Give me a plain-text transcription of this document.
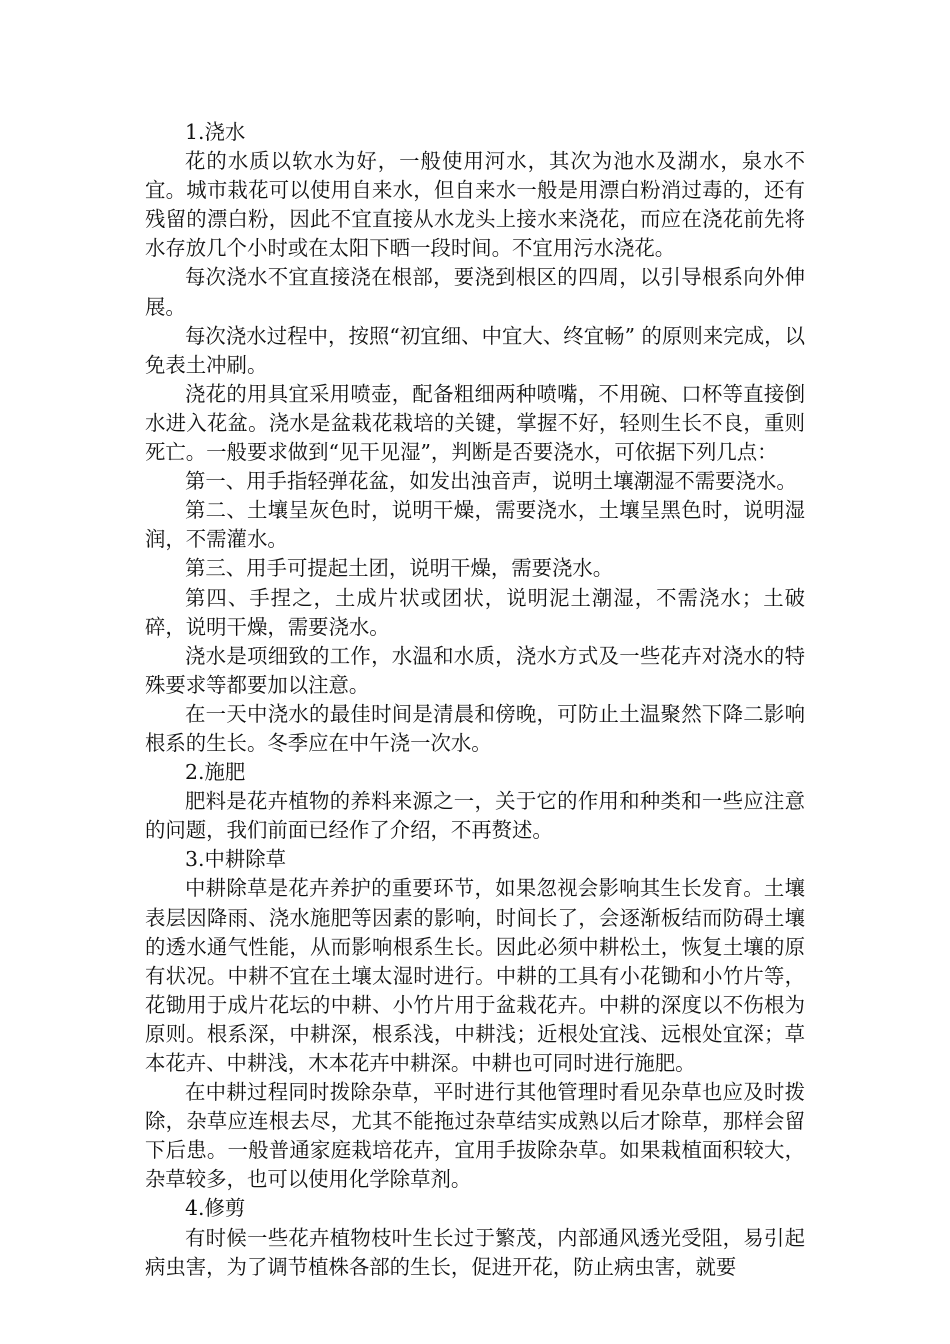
1.浇水

花的水质以软水为好，一般使用河水，其次为池水及湖水，泉水不宜。城市栽花可以使用自来水，但自来水一般是用漂白粉消过毒的，还有残留的漂白粉，因此不宜直接从水龙头上接水来浇花，而应在浇花前先将水存放几个小时或在太阳下晒一段时间。不宜用污水浇花。

每次浇水不宜直接浇在根部，要浇到根区的四周，以引导根系向外伸展。

每次浇水过程中，按照“初宜细、中宜大、终宜畅” 的原则来完成，以免表土冲刷。

浇花的用具宜采用喷壶，配备粗细两种喷嘴，不用碗、口杯等直接倒水进入花盆。浇水是盆栽花栽培的关键，掌握不好，轻则生长不良，重则死亡。一般要求做到“见干见湿”，判断是否要浇水，可依据下列几点：

第一、用手指轻弹花盆，如发出浊音声，说明土壤潮湿不需要浇水。

第二、土壤呈灰色时，说明干燥，需要浇水，土壤呈黑色时，说明湿润，不需灌水。

第三、用手可提起土团，说明干燥，需要浇水。

第四、手捏之，土成片状或团状，说明泥土潮湿，不需浇水；土破碎，说明干燥，需要浇水。

浇水是项细致的工作，水温和水质，浇水方式及一些花卉对浇水的特殊要求等都要加以注意。

在一天中浇水的最佳时间是清晨和傍晚，可防止土温聚然下降二影响根系的生长。冬季应在中午浇一次水。

2.施肥

肥料是花卉植物的养料来源之一，关于它的作用和种类和一些应注意的问题，我们前面已经作了介绍，不再赘述。

3.中耕除草

中耕除草是花卉养护的重要环节，如果忽视会影响其生长发育。土壤表层因降雨、浇水施肥等因素的影响，时间长了，会逐渐板结而防碍土壤的透水通气性能，从而影响根系生长。因此必须中耕松土，恢复土壤的原有状况。中耕不宜在土壤太湿时进行。中耕的工具有小花锄和小竹片等，花锄用于成片花坛的中耕、小竹片用于盆栽花卉。中耕的深度以不伤根为原则。根系深，中耕深，根系浅，中耕浅；近根处宜浅、远根处宜深；草本花卉、中耕浅，木本花卉中耕深。中耕也可同时进行施肥。

在中耕过程同时拨除杂草，平时进行其他管理时看见杂草也应及时拨除，杂草应连根去尽，尤其不能拖过杂草结实成熟以后才除草，那样会留下后患。一般普通家庭栽培花卉，宜用手拔除杂草。如果栽植面积较大，杂草较多，也可以使用化学除草剂。

4.修剪

有时候一些花卉植物枝叶生长过于繁茂，内部通风透光受阻，易引起病虫害，为了调节植株各部的生长，促进开花，防止病虫害，就要
